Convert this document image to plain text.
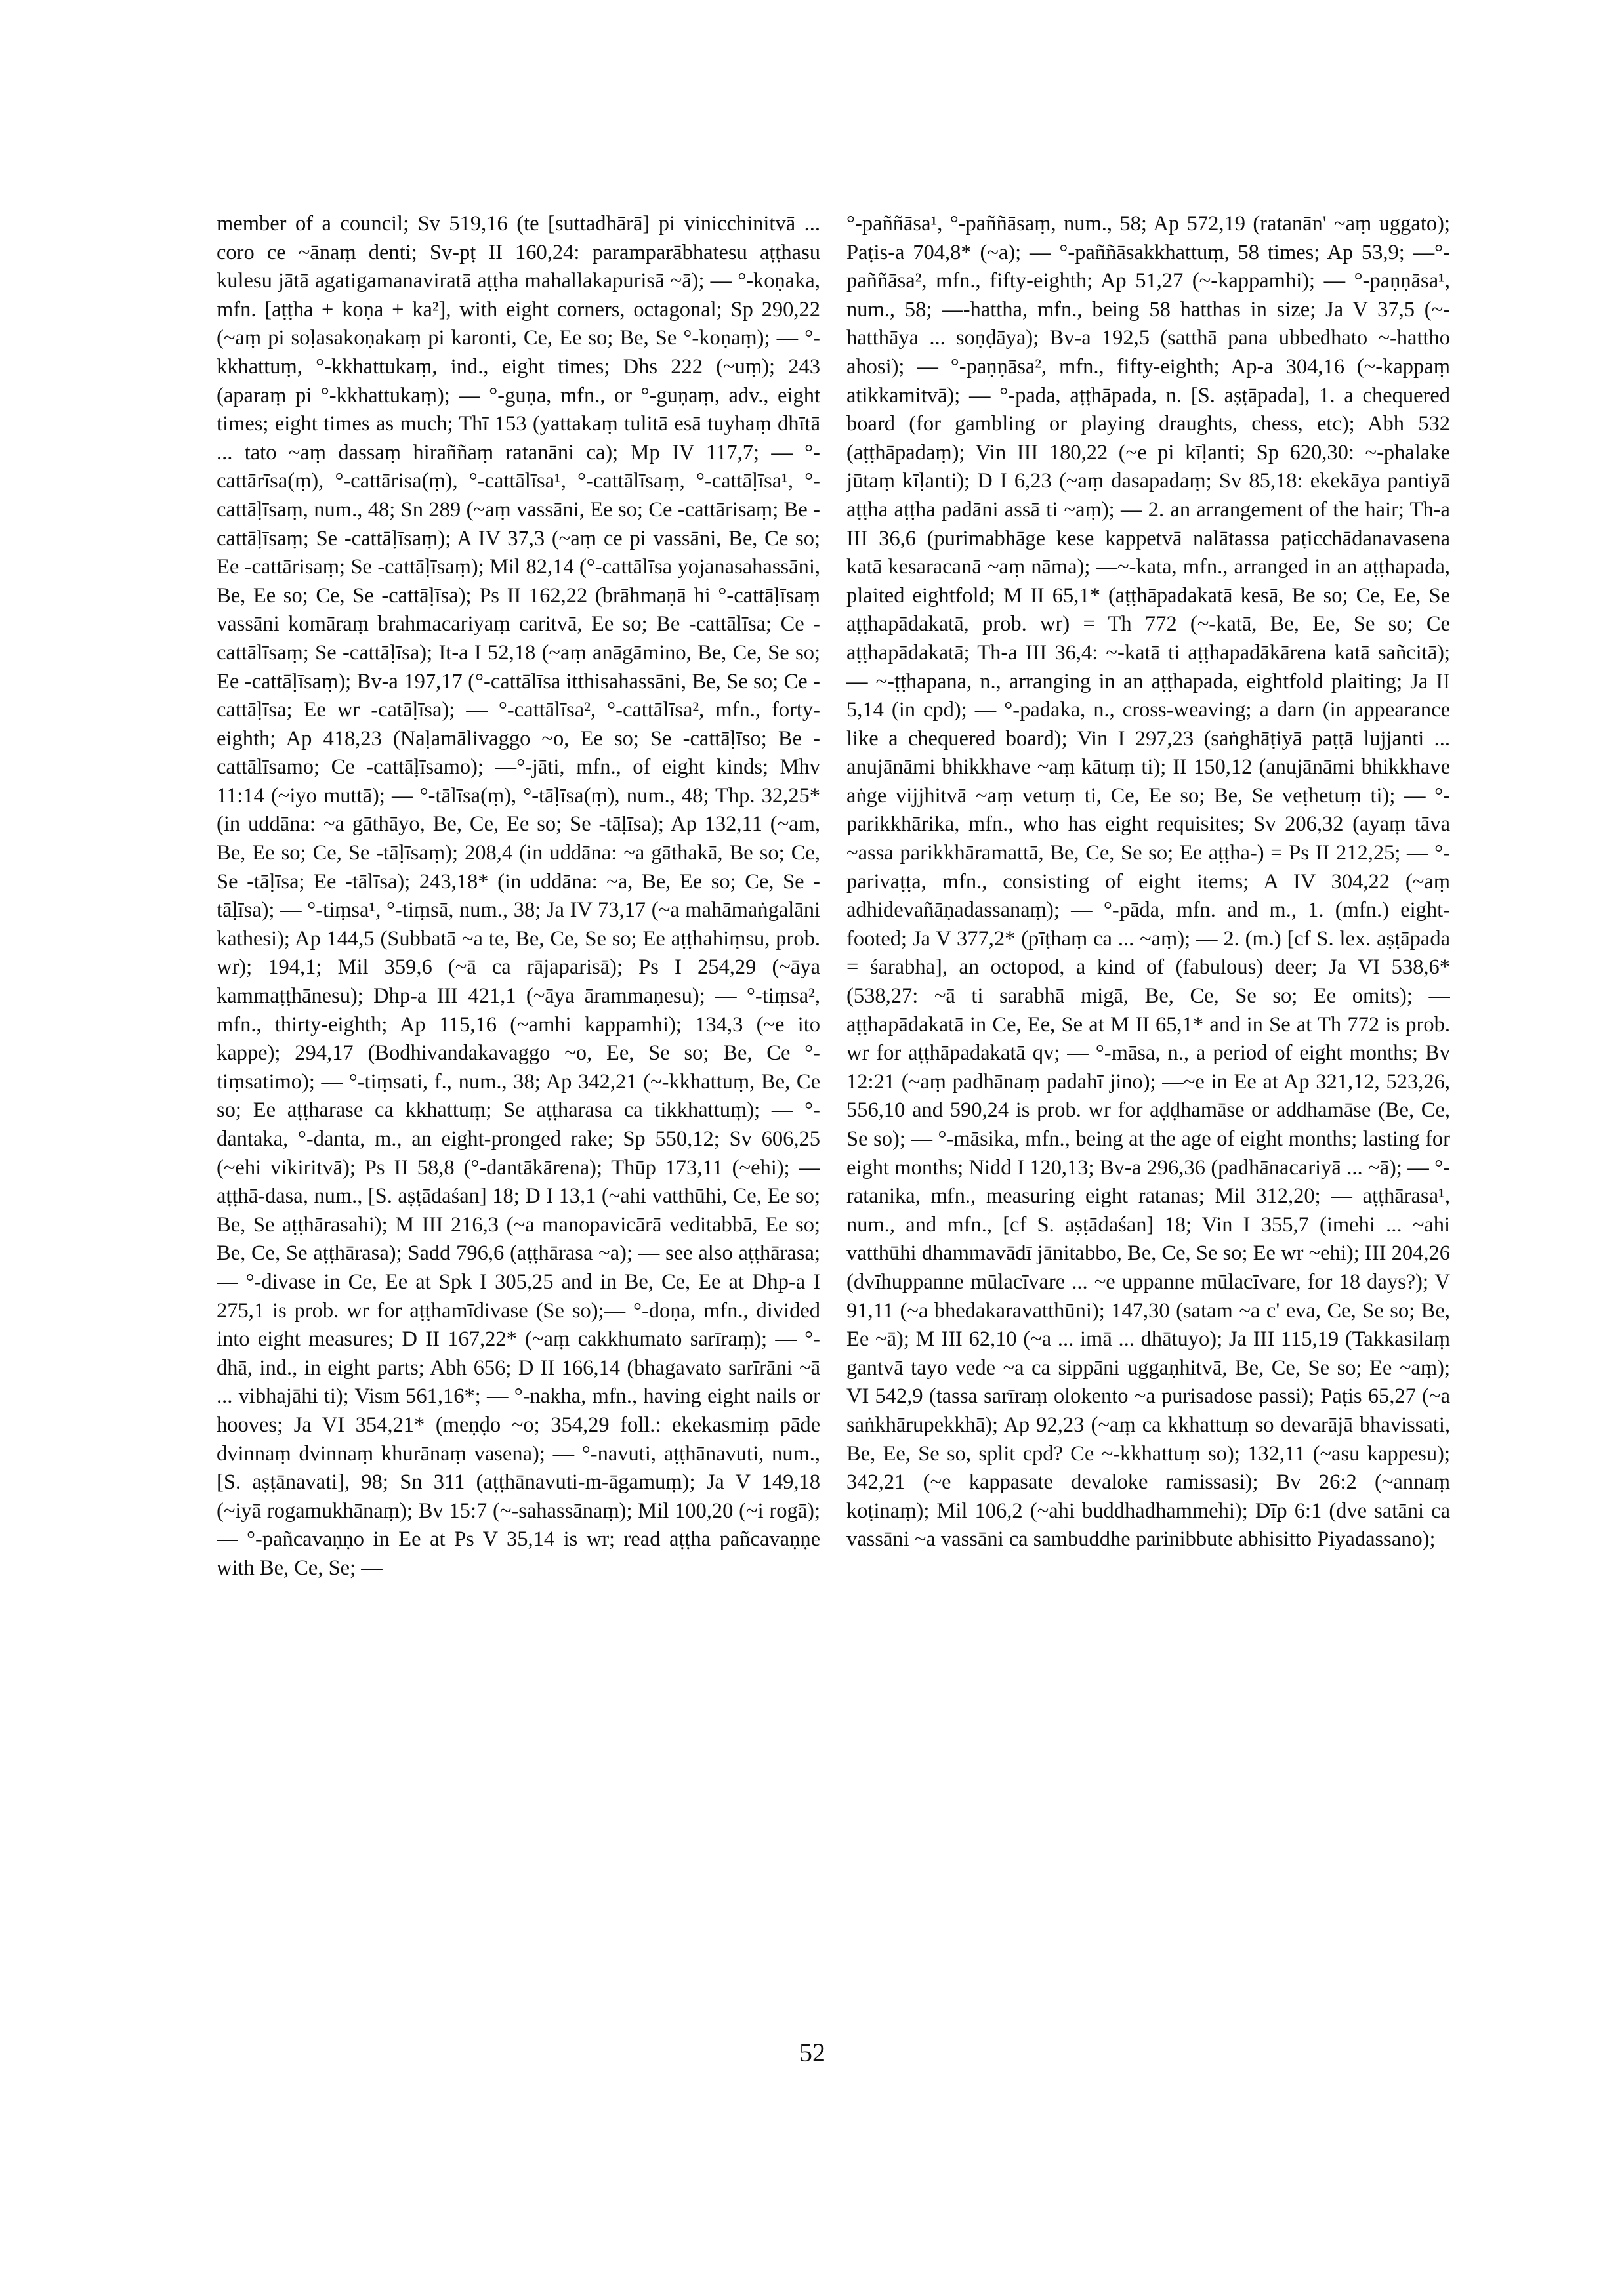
member of a council; Sv 519,16 (te [suttadhārā] pi vinicchinitvā ... coro ce ~ānaṃ denti; Sv-pṭ II 160,24: paramparābhatesu aṭṭhasu kulesu jātā agatigamanaviratā aṭṭha mahallakapurisā ~ā); — °-koṇaka, mfn. [aṭṭha + koṇa + ka²], with eight corners, octagonal; Sp 290,22 (~aṃ pi soḷasakoṇakaṃ pi karonti, Ce, Ee so; Be, Se °-koṇaṃ); — °-kkhattuṃ, °-kkhattukaṃ, ind., eight times; Dhs 222 (~uṃ); 243 (aparaṃ pi °-kkhattukaṃ); — °-guṇa, mfn., or °-guṇaṃ, adv., eight times; eight times as much; Thī 153 (yattakaṃ tulitā esā tuyhaṃ dhītā ... tato ~aṃ dassaṃ hiraññaṃ ratanāni ca); Mp IV 117,7; — °-cattārīsa(ṃ), °-cattārisa(ṃ), °-cattālīsa¹, °-cattālīsaṃ, °-cattāḷīsa¹, °-cattāḷīsaṃ, num., 48; Sn 289 (~aṃ vassāni, Ee so; Ce -cattārisaṃ; Be -cattāḷīsaṃ; Se -cattāḷīsaṃ); A IV 37,3 (~aṃ ce pi vassāni, Be, Ce so; Ee -cattārisaṃ; Se -cattāḷīsaṃ); Mil 82,14 (°-cattālīsa yojanasahassāni, Be, Ee so; Ce, Se -cattāḷīsa); Ps II 162,22 (brāhmaṇā hi °-cattāḷīsaṃ vassāni komāraṃ brahmacariyaṃ caritvā, Ee so; Be -cattālīsa; Ce -cattālīsaṃ; Se -cattāḷīsa); It-a I 52,18 (~aṃ anāgāmino, Be, Ce, Se so; Ee -cattāḷīsaṃ); Bv-a 197,17 (°-cattālīsa itthisahassāni, Be, Se so; Ce -cattāḷīsa; Ee wr -catāḷīsa); — °-cattālīsa², °-cattālīsa², mfn., forty-eighth; Ap 418,23 (Naḷamālivaggo ~o, Ee so; Se -cattāḷīso; Be -cattālīsamo; Ce -cattāḷīsamo); —°-jāti, mfn., of eight kinds; Mhv 11:14 (~iyo muttā); — °-tālīsa(ṃ), °-tāḷīsa(ṃ), num., 48; Thp. 32,25* (in uddāna: ~a gāthāyo, Be, Ce, Ee so; Se -tāḷīsa); Ap 132,11 (~am, Be, Ee so; Ce, Se -tāḷīsaṃ); 208,4 (in uddāna: ~a gāthakā, Be so; Ce, Se -tāḷīsa; Ee -tālīsa); 243,18* (in uddāna: ~a, Be, Ee so; Ce, Se -tāḷīsa); — °-tiṃsa¹, °-tiṃsā, num., 38; Ja IV 73,17 (~a mahāmaṅgalāni kathesi); Ap 144,5 (Subbatā ~a te, Be, Ce, Se so; Ee aṭṭhahiṃsu, prob. wr); 194,1; Mil 359,6 (~ā ca rājaparisā); Ps I 254,29 (~āya kammaṭṭhānesu); Dhp-a III 421,1 (~āya ārammaṇesu); — °-tiṃsa², mfn., thirty-eighth; Ap 115,16 (~amhi kappamhi); 134,3 (~e ito kappe); 294,17 (Bodhivandakavaggo ~o, Ee, Se so; Be, Ce °-tiṃsatimo); — °-tiṃsati, f., num., 38; Ap 342,21 (~-kkhattuṃ, Be, Ce so; Ee aṭṭharase ca kkhattuṃ; Se aṭṭharasa ca tikkhattuṃ); — °-dantaka, °-danta, m., an eight-pronged rake; Sp 550,12; Sv 606,25 (~ehi vikiritvā); Ps II 58,8 (°-dantākārena); Thūp 173,11 (~ehi); — aṭṭhā-dasa, num., [S. aṣṭādaśan] 18; D I 13,1 (~ahi vatthūhi, Ce, Ee so; Be, Se aṭṭhārasahi); M III 216,3 (~a manopavicārā veditabbā, Ee so; Be, Ce, Se aṭṭhārasa); Sadd 796,6 (aṭṭhārasa ~a); — see also aṭṭhārasa; — °-divase in Ce, Ee at Spk I 305,25 and in Be, Ce, Ee at Dhp-a I 275,1 is prob. wr for aṭṭhamīdivase (Se so);— °-doṇa, mfn., divided into eight measures; D II 167,22* (~aṃ cakkhumato sarīraṃ); — °-dhā, ind., in eight parts; Abh 656; D II 166,14 (bhagavato sarīrāni ~ā ... vibhajāhi ti); Vism 561,16*; — °-nakha, mfn., having eight nails or hooves; Ja VI 354,21* (meṇḍo ~o; 354,29 foll.: ekekasmiṃ pāde dvinnaṃ dvinnaṃ khurānaṃ vasena); — °-navuti, aṭṭhānavuti, num., [S. aṣṭānavati], 98; Sn 311 (aṭṭhānavuti-m-āgamuṃ); Ja V 149,18 (~iyā rogamukhānaṃ); Bv 15:7 (~-sahassānaṃ); Mil 100,20 (~i rogā); — °-pañcavaṇṇo in Ee at Ps V 35,14 is wr; read aṭṭha pañcavaṇṇe with Be, Ce, Se; —

°-paññāsa¹, °-paññāsaṃ, num., 58; Ap 572,19 (ratanān' ~aṃ uggato); Paṭis-a 704,8* (~a); — °-paññāsakkhattuṃ, 58 times; Ap 53,9; —°-paññāsa², mfn., fifty-eighth; Ap 51,27 (~-kappamhi); — °-paṇṇāsa¹, num., 58; —-hattha, mfn., being 58 hatthas in size; Ja V 37,5 (~-hatthāya ... soṇḍāya); Bv-a 192,5 (satthā pana ubbedhato ~-hattho ahosi); — °-paṇṇāsa², mfn., fifty-eighth; Ap-a 304,16 (~-kappaṃ atikkamitvā); — °-pada, aṭṭhāpada, n. [S. aṣṭāpada], 1. a chequered board (for gambling or playing draughts, chess, etc); Abh 532 (aṭṭhāpadaṃ); Vin III 180,22 (~e pi kīḷanti; Sp 620,30: ~-phalake jūtaṃ kīḷanti); D I 6,23 (~aṃ dasapadaṃ; Sv 85,18: ekekāya pantiyā aṭṭha aṭṭha padāni assā ti ~aṃ); — 2. an arrangement of the hair; Th-a III 36,6 (purimabhāge kese kappetvā nalātassa paṭicchādanavasena katā kesaracanā ~aṃ nāma); —~-kata, mfn., arranged in an aṭṭhapada, plaited eightfold; M II 65,1* (aṭṭhāpadakatā kesā, Be so; Ce, Ee, Se aṭṭhapādakatā, prob. wr) = Th 772 (~-katā, Be, Ee, Se so; Ce aṭṭhapādakatā; Th-a III 36,4: ~-katā ti aṭṭhapadākārena katā sañcitā); — ~-ṭṭhapana, n., arranging in an aṭṭhapada, eightfold plaiting; Ja II 5,14 (in cpd); — °-padaka, n., cross-weaving; a darn (in appearance like a chequered board); Vin I 297,23 (saṅghāṭiyā paṭṭā lujjanti ... anujānāmi bhikkhave ~aṃ kātuṃ ti); II 150,12 (anujānāmi bhikkhave aṅge vijjhitvā ~aṃ vetuṃ ti, Ce, Ee so; Be, Se veṭhetuṃ ti); — °-parikkhārika, mfn., who has eight requisites; Sv 206,32 (ayaṃ tāva ~assa parikkhāramattā, Be, Ce, Se so; Ee aṭṭha-) = Ps II 212,25; — °-parivaṭṭa, mfn., consisting of eight items; A IV 304,22 (~aṃ adhidevañāṇadassanaṃ); — °-pāda, mfn. and m., 1. (mfn.) eight-footed; Ja V 377,2* (pīṭhaṃ ca ... ~aṃ); — 2. (m.) [cf S. lex. aṣṭāpada = śarabha], an octopod, a kind of (fabulous) deer; Ja VI 538,6* (538,27: ~ā ti sarabhā migā, Be, Ce, Se so; Ee omits); — aṭṭhapādakatā in Ce, Ee, Se at M II 65,1* and in Se at Th 772 is prob. wr for aṭṭhāpadakatā qv; — °-māsa, n., a period of eight months; Bv 12:21 (~aṃ padhānaṃ padahī jino); —~e in Ee at Ap 321,12, 523,26, 556,10 and 590,24 is prob. wr for aḍḍhamāse or addhamāse (Be, Ce, Se so); — °-māsika, mfn., being at the age of eight months; lasting for eight months; Nidd I 120,13; Bv-a 296,36 (padhānacariyā ... ~ā); — °-ratanika, mfn., measuring eight ratanas; Mil 312,20; — aṭṭhārasa¹, num., and mfn., [cf S. aṣṭādaśan] 18; Vin I 355,7 (imehi ... ~ahi vatthūhi dhammavādī jānitabbo, Be, Ce, Se so; Ee wr ~ehi); III 204,26 (dvīhuppanne mūlacīvare ... ~e uppanne mūlacīvare, for 18 days?); V 91,11 (~a bhedakaravatthūni); 147,30 (satam ~a c' eva, Ce, Se so; Be, Ee ~ā); M III 62,10 (~a ... imā ... dhātuyo); Ja III 115,19 (Takkasilaṃ gantvā tayo vede ~a ca sippāni uggaṇhitvā, Be, Ce, Se so; Ee ~aṃ); VI 542,9 (tassa sarīraṃ olokento ~a purisadose passi); Paṭis 65,27 (~a saṅkhārupekkhā); Ap 92,23 (~aṃ ca kkhattuṃ so devarājā bhavissati, Be, Ee, Se so, split cpd? Ce ~-kkhattuṃ so); 132,11 (~asu kappesu); 342,21 (~e kappasate devaloke ramissasi); Bv 26:2 (~annaṃ koṭinaṃ); Mil 106,2 (~ahi buddhadhammehi); Dīp 6:1 (dve satāni ca vassāni ~a vassāni ca sambuddhe parinibbute abhisitto Piyadassano);

52
